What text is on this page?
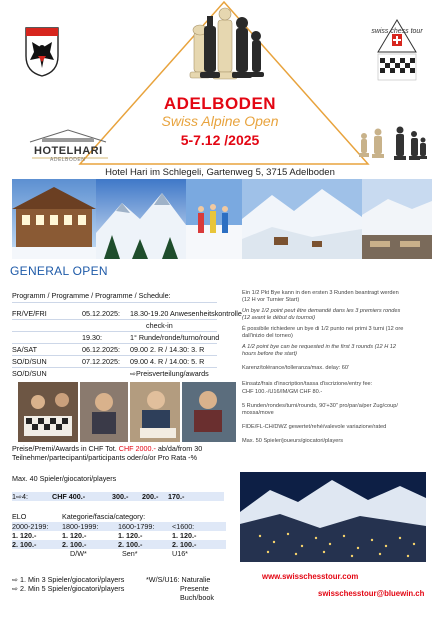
swiss chess tour
ADELBODEN
Swiss Alpine Open
5-7.12 /2025
HOTELHARI
ADELBODEN
Hotel Hari im Schlegeli, Gartenweg 5, 3715 Adelboden
GENERAL OPEN
Programm / Programme / Programme / Schedule:
FR/VE/FRI	05.12.2025: 18.30-19.20 Anwesenheitskontrolle
check-in
19.30:	1° Runde/ronde/turno/round
SA/SAT	06.12.2025: 09.00 2. R / 14.30: 3. R
SO/D/SUN	07.12.2025: 09.00 4. R / 14.00: 5. R
SO/D/SUN	⇨Preisverteilung/awards
Preise/Premi/Awards in CHF Tot. CHF 2000.- ab/da/from 30
Teilnehmer/partecipanti/participants oder/o/or Pro Rata -%
Max. 40 Spieler/giocatori/players
1⇨4:	CHF 400.-	300.- 200.- 170.-
ELO	Kategorie/fascia/category:
2000-2199: 1800-1999:	1600-1799: <1600:
1. 120.-	1. 120.-	1. 120.-	1. 120.-
2. 100.-	2. 100.-	2. 100.-	2. 100.-
D/W*	Sen*	U16*
⇨ 1. Min 3 Spieler/giocatori/players
⇨ 2. Min 5 Spieler/giocatori/players
*W/S/U16: Naturalie
Presente
Buch/book
Ein 1/2 Pkt Bye kann in den ersten 3 Runden beantragt werden
(12 H vor Turnier Start)
Un bye 1/2 point peut être demandé dans les 3 premiers rondes
(12 avant le début du tournoi)
È possibile richiedere un bye di 1/2 punto nei primi 3 turni (12 ore
dall'inizio del torneo)
A 1/2 point bye can be requested in the first 3 rounds (12 H 12
hours before the start)
Karenz/tolérance/tolleranza/max. delay: 60'
Einsatz/frais d'inscription/tassa d'iscrizione/entry fee:
CHF 100.-/U16/IM/GM CHF 80.-
5 Runden/rondes/turni/rounds, 90'+30" pro/par/a/per Zug/coup/
mossa/move
FIDE/FL-CH/DWZ gewertet/rehé/valevole variazione/rated
Max. 50 Spieler/joueurs/giocatori/players
www.swisschesstour.com
swisschesstour@bluewin.ch
